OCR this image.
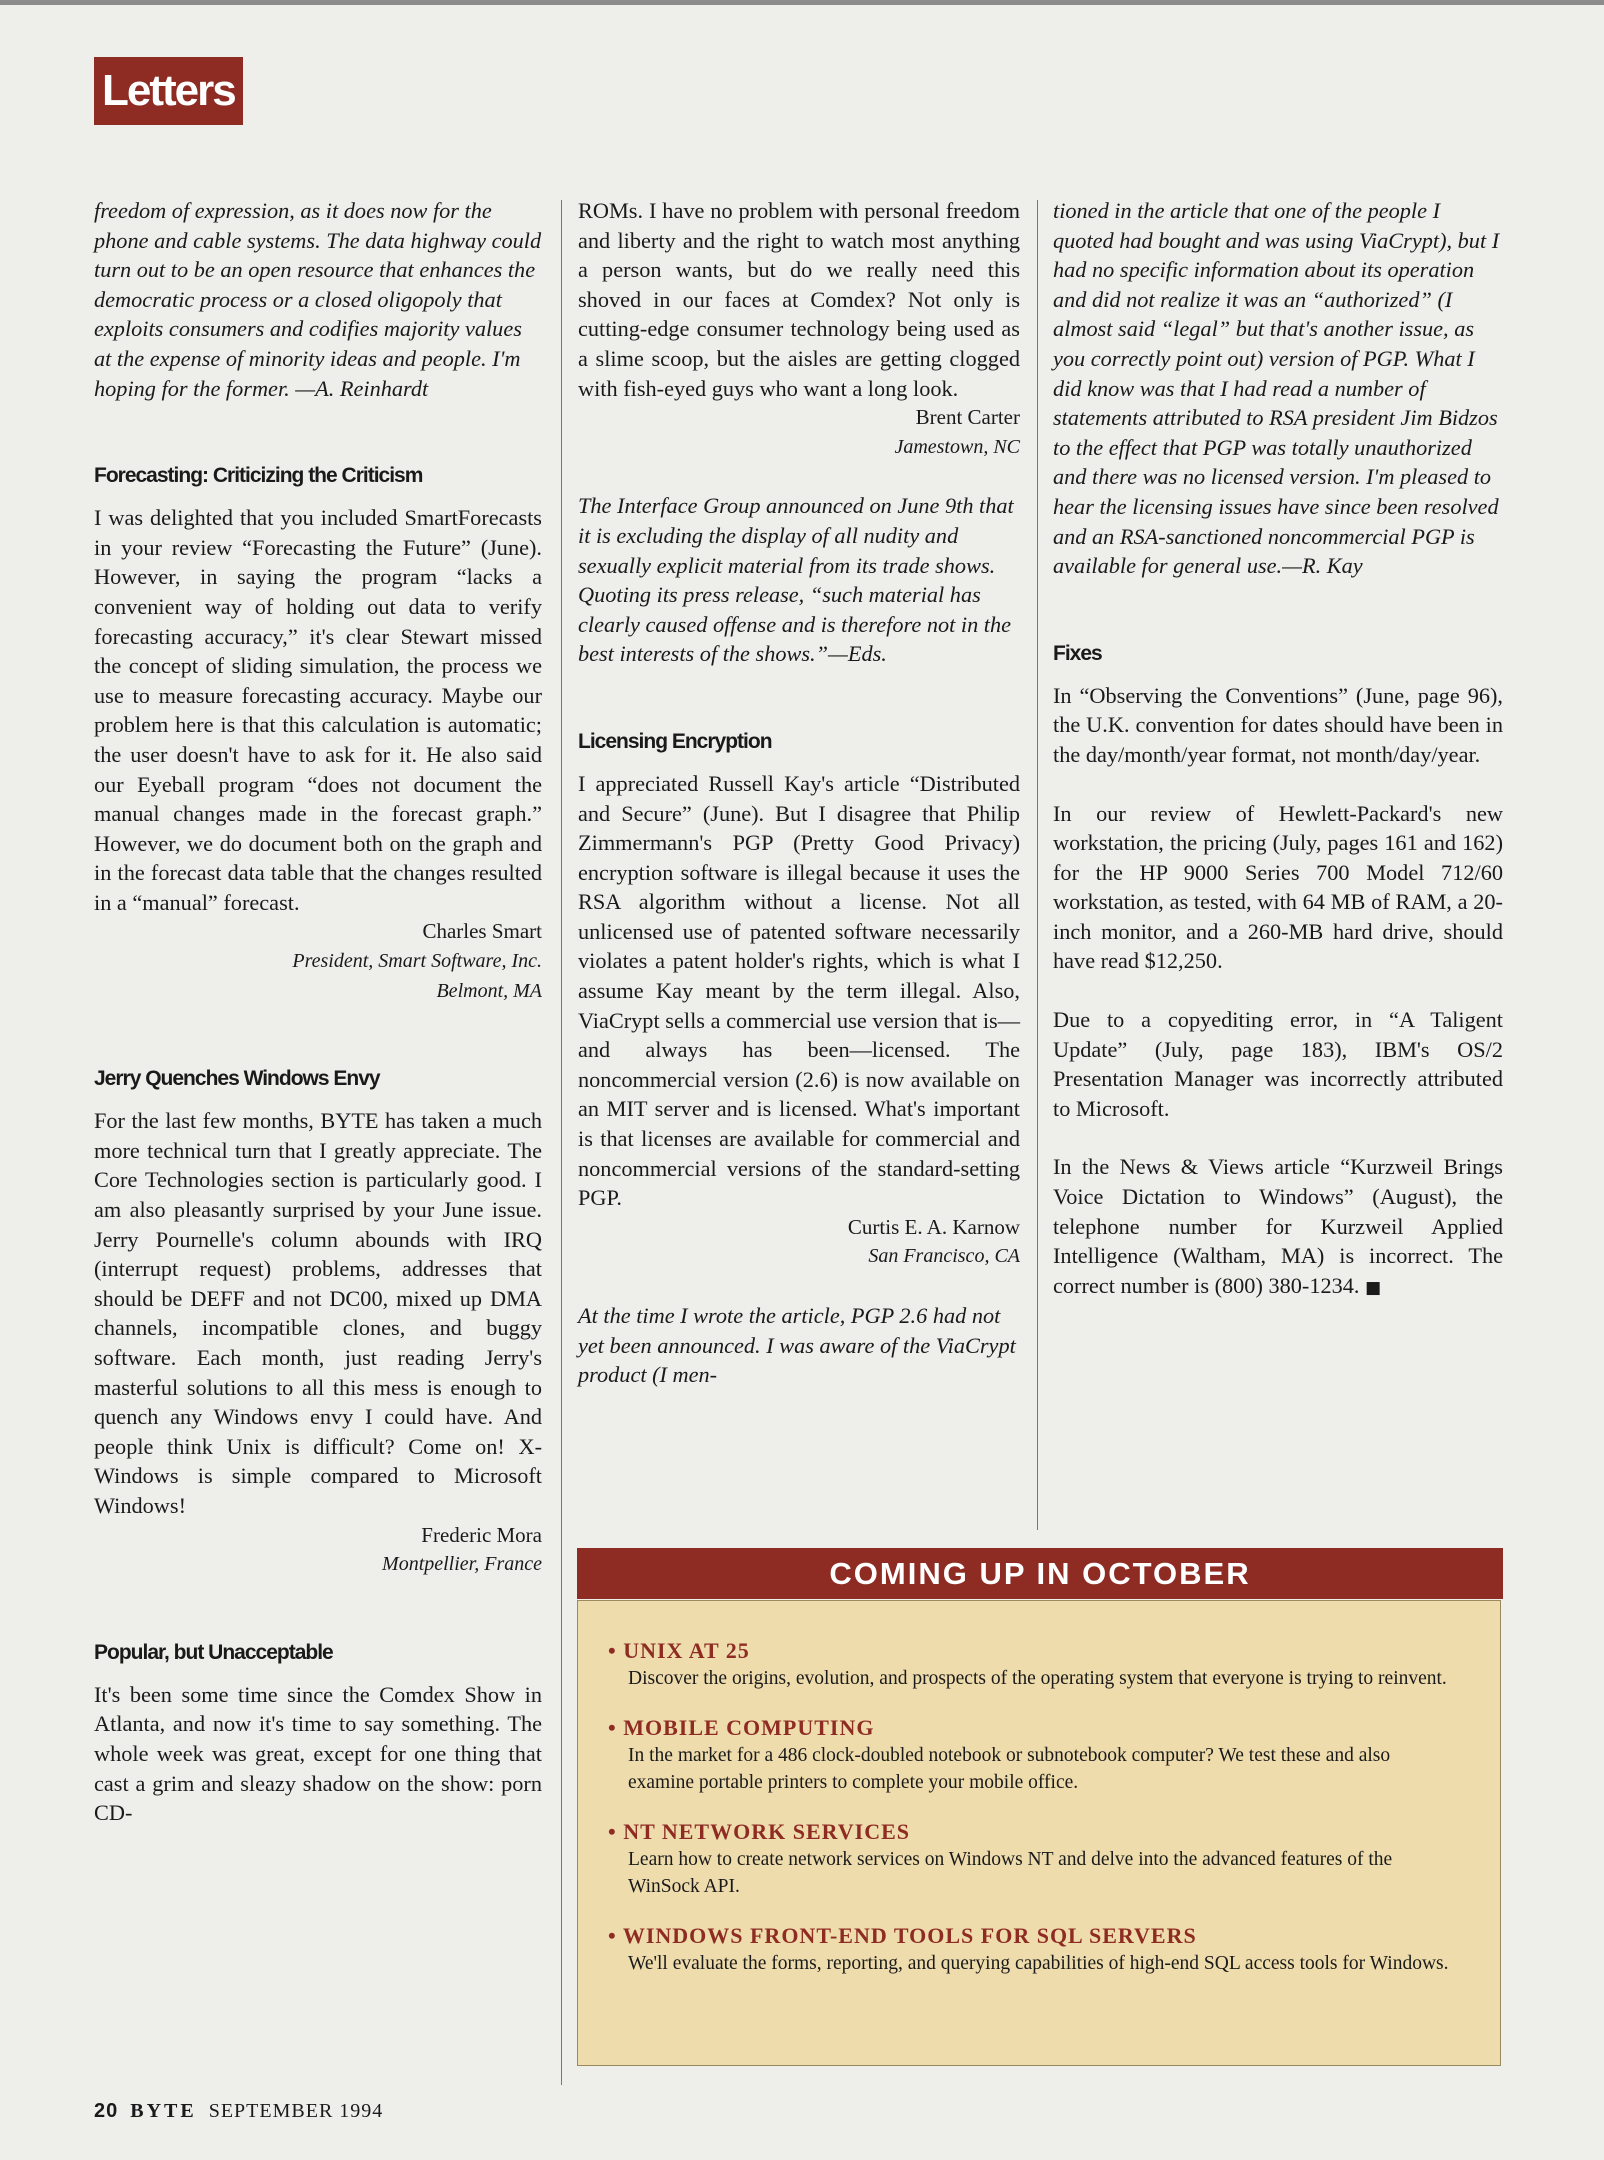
Letters

freedom of expression, as it does now for the phone and cable systems. The data highway could turn out to be an open resource that enhances the democratic process or a closed oligopoly that exploits consumers and codifies majority values at the expense of minority ideas and people. I'm hoping for the former. —A. Reinhardt

Forecasting: Criticizing the Criticism

I was delighted that you included SmartForecasts in your review “Forecasting the Future” (June). However, in saying the program “lacks a convenient way of holding out data to verify forecasting accuracy,” it's clear Stewart missed the concept of sliding simulation, the process we use to measure forecasting accuracy. Maybe our problem here is that this calculation is automatic; the user doesn't have to ask for it. He also said our Eyeball program “does not document the manual changes made in the forecast graph.” However, we do document both on the graph and in the forecast data table that the changes resulted in a “manual” forecast.

Charles Smart
President, Smart Software, Inc.
Belmont, MA
Jerry Quenches Windows Envy

For the last few months, BYTE has taken a much more technical turn that I greatly appreciate. The Core Technologies section is particularly good. I am also pleasantly surprised by your June issue. Jerry Pournelle's column abounds with IRQ (interrupt request) problems, addresses that should be DEFF and not DC00, mixed up DMA channels, incompatible clones, and buggy software. Each month, just reading Jerry's masterful solutions to all this mess is enough to quench any Windows envy I could have. And people think Unix is difficult? Come on! X-Windows is simple compared to Microsoft Windows!

Frederic Mora
Montpellier, France
Popular, but Unacceptable

It's been some time since the Comdex Show in Atlanta, and now it's time to say something. The whole week was great, except for one thing that cast a grim and sleazy shadow on the show: porn CD-

ROMs. I have no problem with personal freedom and liberty and the right to watch most anything a person wants, but do we really need this shoved in our faces at Comdex? Not only is cutting-edge consumer technology being used as a slime scoop, but the aisles are getting clogged with fish-eyed guys who want a long look.

Brent Carter
Jamestown, NC

The Interface Group announced on June 9th that it is excluding the display of all nudity and sexually explicit material from its trade shows. Quoting its press release, “such material has clearly caused offense and is therefore not in the best interests of the shows.”—Eds.

Licensing Encryption

I appreciated Russell Kay's article “Distributed and Secure” (June). But I disagree that Philip Zimmermann's PGP (Pretty Good Privacy) encryption software is illegal because it uses the RSA algorithm without a license. Not all unlicensed use of patented software necessarily violates a patent holder's rights, which is what I assume Kay meant by the term illegal. Also, ViaCrypt sells a commercial use version that is—and always has been—licensed. The noncommercial version (2.6) is now available on an MIT server and is licensed. What's important is that licenses are available for commercial and noncommercial versions of the standard-setting PGP.

Curtis E. A. Karnow
San Francisco, CA

At the time I wrote the article, PGP 2.6 had not yet been announced. I was aware of the ViaCrypt product (I men-

tioned in the article that one of the people I quoted had bought and was using ViaCrypt), but I had no specific information about its operation and did not realize it was an “authorized” (I almost said “legal” but that's another issue, as you correctly point out) version of PGP. What I did know was that I had read a number of statements attributed to RSA president Jim Bidzos to the effect that PGP was totally unauthorized and there was no licensed version. I'm pleased to hear the licensing issues have since been resolved and an RSA-sanctioned noncommercial PGP is available for general use.—R. Kay

Fixes

In “Observing the Conventions” (June, page 96), the U.K. convention for dates should have been in the day/month/year format, not month/day/year.

In our review of Hewlett-Packard's new workstation, the pricing (July, pages 161 and 162) for the HP 9000 Series 700 Model 712/60 workstation, as tested, with 64 MB of RAM, a 20-inch monitor, and a 260-MB hard drive, should have read $12,250.

Due to a copyediting error, in “A Taligent Update” (July, page 183), IBM's OS/2 Presentation Manager was incorrectly attributed to Microsoft.

In the News & Views article “Kurzweil Brings Voice Dictation to Windows” (August), the telephone number for Kurzweil Applied Intelligence (Waltham, MA) is incorrect. The correct number is (800) 380-1234. ■

COMING UP IN OCTOBER
• UNIX AT 25
Discover the origins, evolution, and prospects of the operating system that everyone is trying to reinvent.
• MOBILE COMPUTING
In the market for a 486 clock-doubled notebook or subnotebook computer? We test these and also examine portable printers to complete your mobile office.
• NT NETWORK SERVICES
Learn how to create network services on Windows NT and delve into the advanced features of the WinSock API.
• WINDOWS FRONT-END TOOLS FOR SQL SERVERS
We'll evaluate the forms, reporting, and querying capabilities of high-end SQL access tools for Windows.
20 BYTE SEPTEMBER 1994
